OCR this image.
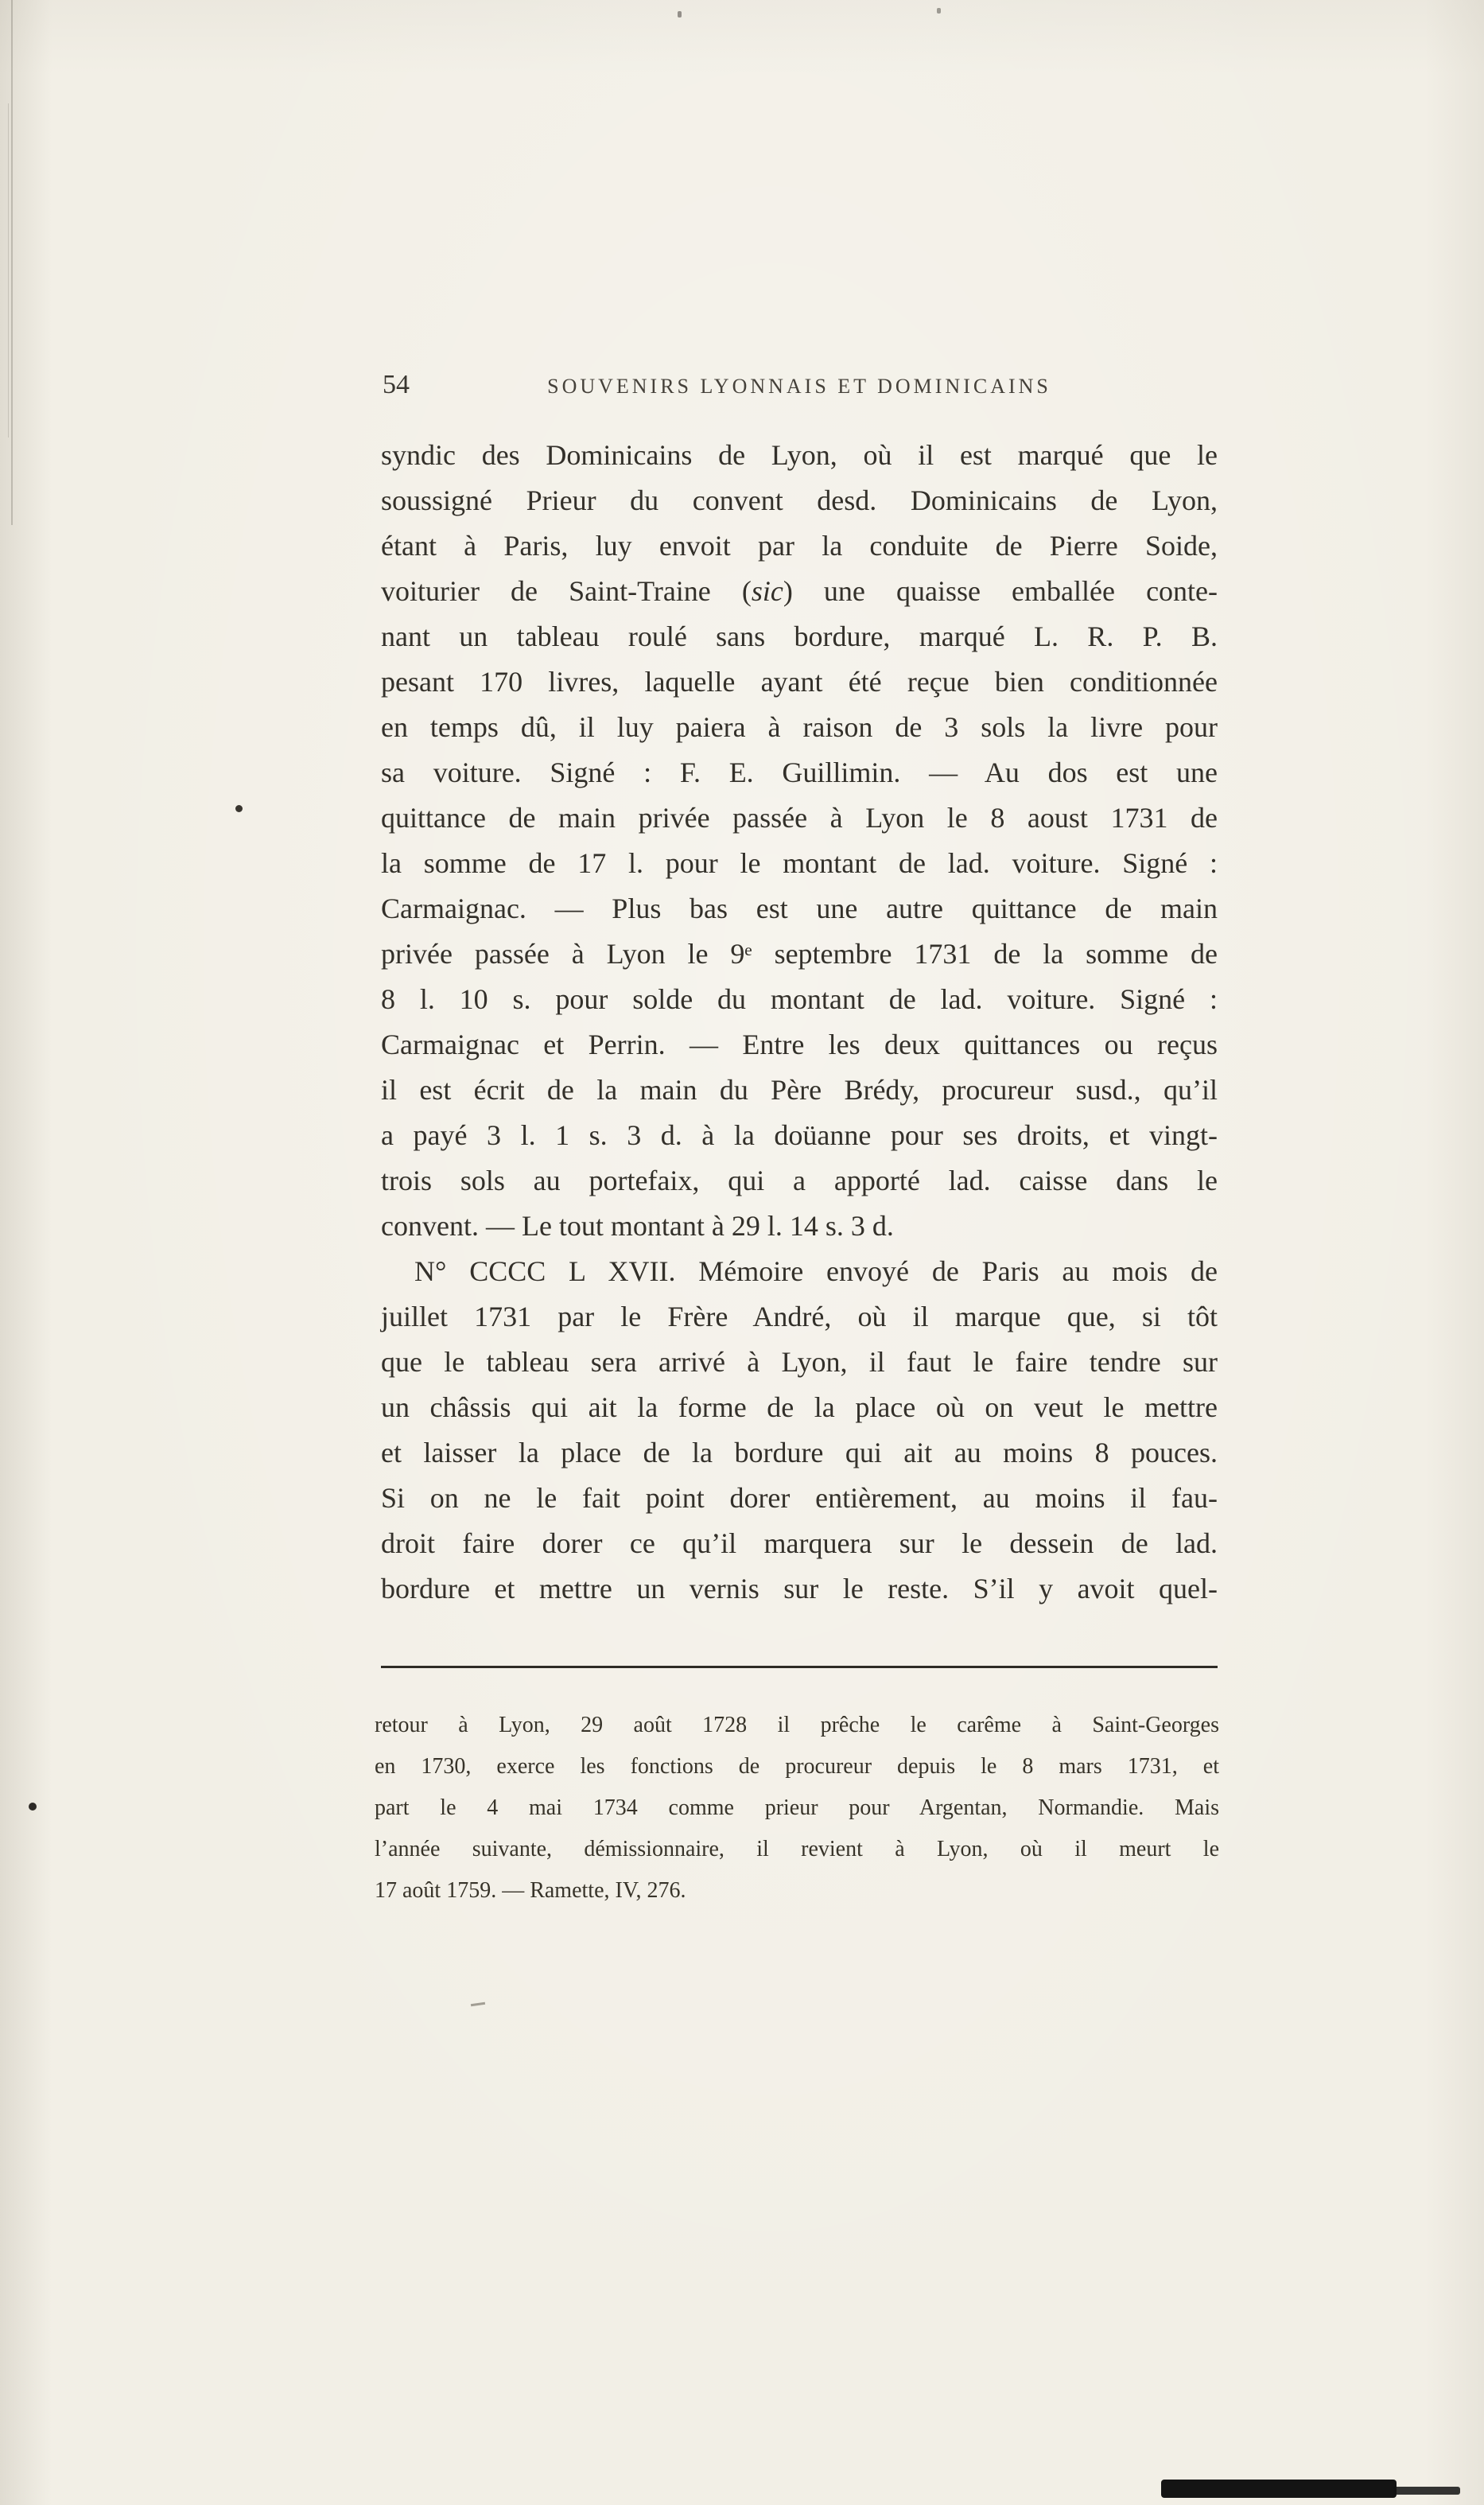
54	SOUVENIRS LYONNAIS ET DOMINICAINS
syndic des Dominicains de Lyon, où il est marqué que le
soussigné Prieur du convent desd. Dominicains de Lyon,
étant à Paris, luy envoit par la conduite de Pierre Soide,
voiturier de Saint-Traine (sic) une quaisse emballée conte-
nant un tableau roulé sans bordure, marqué L. R. P. B.
pesant 170 livres, laquelle ayant été reçue bien conditionnée
en temps dû, il luy paiera à raison de 3 sols la livre pour
sa voiture. Signé : F. E. Guillimin. — Au dos est une
quittance de main privée passée à Lyon le 8 aoust 1731 de
la somme de 17 l. pour le montant de lad. voiture. Signé :
Carmaignac. — Plus bas est une autre quittance de main
privée passée à Lyon le 9ᵉ septembre 1731 de la somme de
8 l. 10 s. pour solde du montant de lad. voiture. Signé :
Carmaignac et Perrin. — Entre les deux quittances ou reçus
il est écrit de la main du Père Brédy, procureur susd., qu’il
a payé 3 l. 1 s. 3 d. à la doüanne pour ses droits, et vingt-
trois sols au portefaix, qui a apporté lad. caisse dans le
convent. — Le tout montant à 29 l. 14 s. 3 d.
N° CCCC L XVII. Mémoire envoyé de Paris au mois de
juillet 1731 par le Frère André, où il marque que, si tôt
que le tableau sera arrivé à Lyon, il faut le faire tendre sur
un châssis qui ait la forme de la place où on veut le mettre
et laisser la place de la bordure qui ait au moins 8 pouces.
Si on ne le fait point dorer entièrement, au moins il fau-
droit faire dorer ce qu’il marquera sur le dessein de lad.
bordure et mettre un vernis sur le reste. S’il y avoit quel-
retour à Lyon, 29 août 1728 il prêche le carême à Saint-Georges
en 1730, exerce les fonctions de procureur depuis le 8 mars 1731, et
part le 4 mai 1734 comme prieur pour Argentan, Normandie. Mais
l’année suivante, démissionnaire, il revient à Lyon, où il meurt le
17 août 1759. — Ramette, IV, 276.
